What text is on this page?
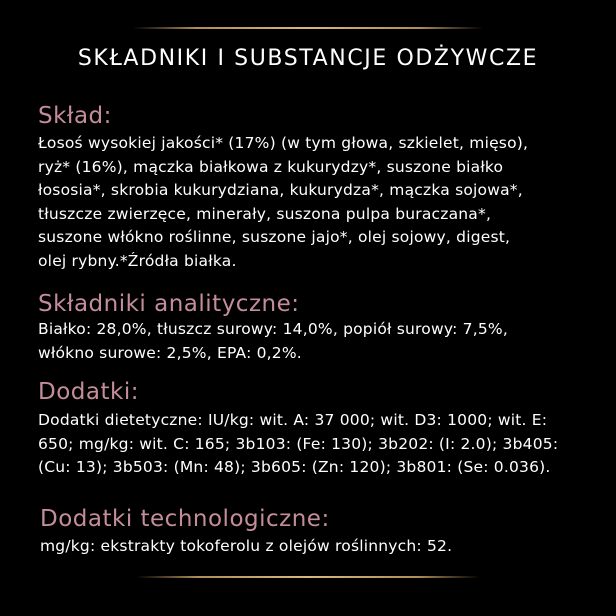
SKŁADNIKI I SUBSTANCJE ODŻYWCZE
Skład:
Łosoś wysokiej jakości* (17%) (w tym głowa, szkielet, mięso),
ryż* (16%), mączka białkowa z kukurydzy*, suszone białko
łososia*, skrobia kukurydziana, kukurydza*, mączka sojowa*,
tłuszcze zwierzęce, minerały, suszona pulpa buraczana*,
suszone włókno roślinne, suszone jajo*, olej sojowy, digest,
olej rybny.*Źródła białka.
Składniki analityczne:
Białko: 28,0%, tłuszcz surowy: 14,0%, popiół surowy: 7,5%,
włókno surowe: 2,5%, EPA: 0,2%.
Dodatki:
Dodatki dietetyczne: IU/kg: wit. A: 37 000; wit. D3: 1000; wit. E:
650; mg/kg: wit. C: 165; 3b103: (Fe: 130); 3b202: (I: 2.0); 3b405:
(Cu: 13); 3b503: (Mn: 48); 3b605: (Zn: 120); 3b801: (Se: 0.036).
Dodatki technologiczne:
mg/kg: ekstrakty tokoferolu z olejów roślinnych: 52.
